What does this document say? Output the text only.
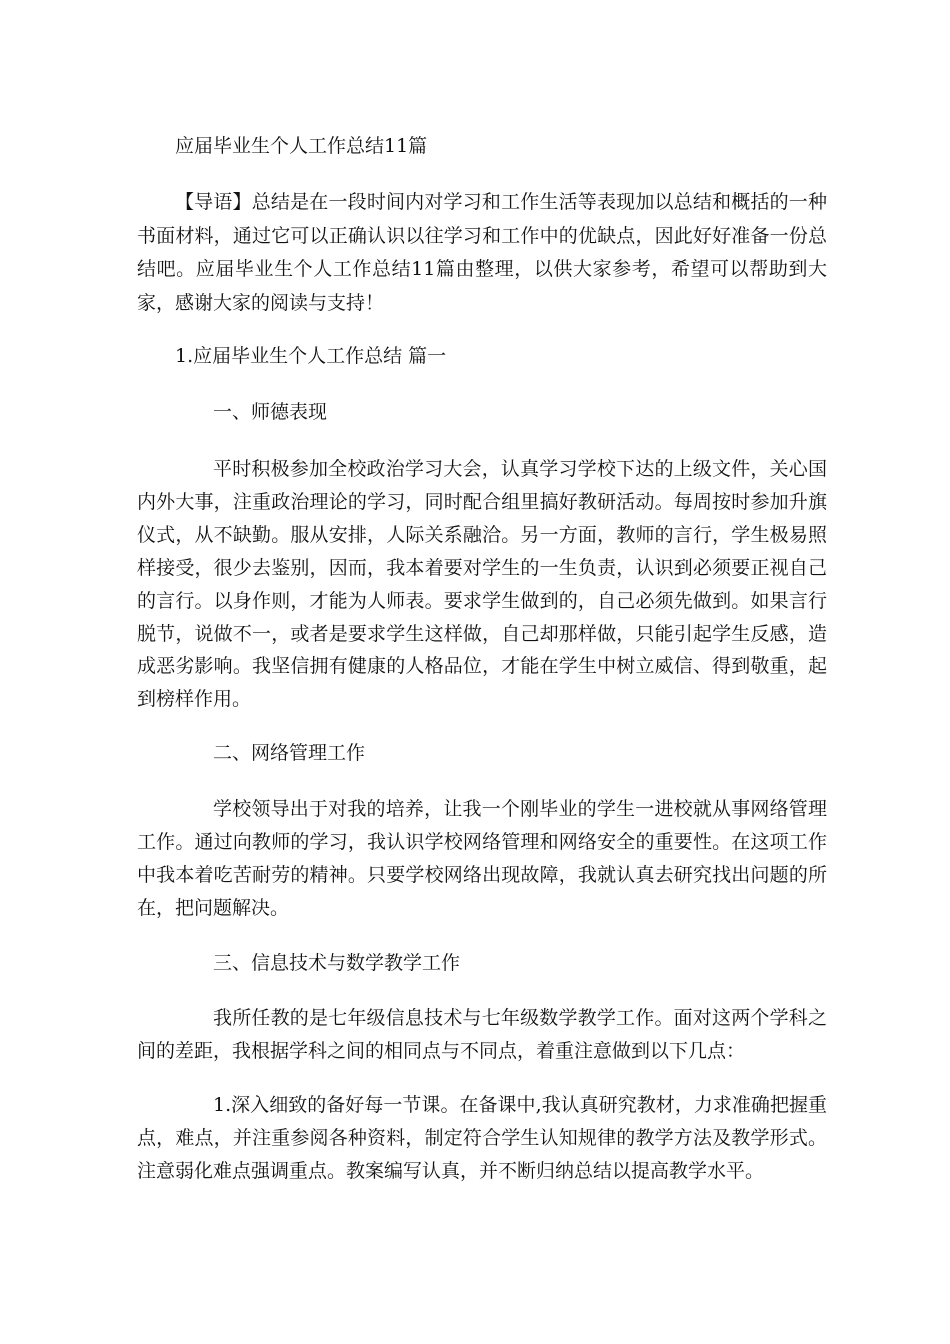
应届毕业生个人工作总结11篇
【导语】总结是在一段时间内对学习和工作生活等表现加以总结和概括的一种书面材料，通过它可以正确认识以往学习和工作中的优缺点，因此好好准备一份总结吧。应届毕业生个人工作总结11篇由整理，以供大家参考，希望可以帮助到大家，感谢大家的阅读与支持！
1.应届毕业生个人工作总结 篇一
一、师德表现
平时积极参加全校政治学习大会，认真学习学校下达的上级文件，关心国内外大事，注重政治理论的学习，同时配合组里搞好教研活动。每周按时参加升旗仪式，从不缺勤。服从安排，人际关系融洽。另一方面，教师的言行，学生极易照样接受，很少去鉴别，因而，我本着要对学生的一生负责，认识到必须要正视自己的言行。以身作则，才能为人师表。要求学生做到的，自己必须先做到。如果言行脱节，说做不一，或者是要求学生这样做，自己却那样做，只能引起学生反感，造成恶劣影响。我坚信拥有健康的人格品位，才能在学生中树立威信、得到敬重，起到榜样作用。
二、网络管理工作
学校领导出于对我的培养，让我一个刚毕业的学生一进校就从事网络管理工作。通过向教师的学习，我认识学校网络管理和网络安全的重要性。在这项工作中我本着吃苦耐劳的精神。只要学校网络出现故障，我就认真去研究找出问题的所在，把问题解决。
三、信息技术与数学教学工作
我所任教的是七年级信息技术与七年级数学教学工作。面对这两个学科之间的差距，我根据学科之间的相同点与不同点，着重注意做到以下几点：
1.深入细致的备好每一节课。在备课中,我认真研究教材，力求准确把握重点，难点，并注重参阅各种资料，制定符合学生认知规律的教学方法及教学形式。注意弱化难点强调重点。教案编写认真，并不断归纳总结以提高教学水平。
